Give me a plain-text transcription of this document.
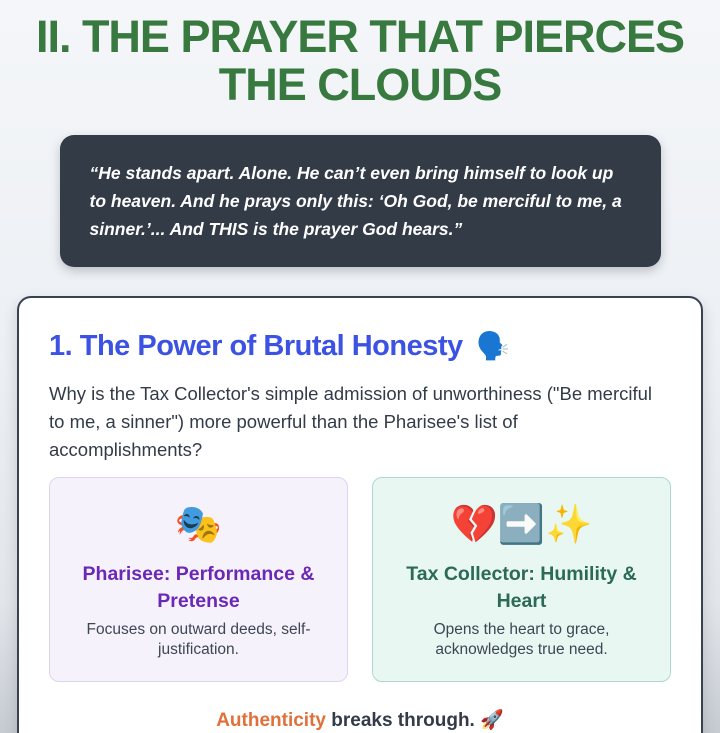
II. THE PRAYER THAT PIERCES THE CLOUDS

“He stands apart. Alone. He can’t even bring himself to look up to heaven. And he prays only this: ‘Oh God, be merciful to me, a sinner.’... And THIS is the prayer God hears.”

1. The Power of Brutal Honesty 🗣️

Why is the Tax Collector's simple admission of unworthiness ("Be merciful to me, a sinner") more powerful than the Pharisee's list of accomplishments?

🎭
Pharisee: Performance & Pretense
Focuses on outward deeds, self-justification.
💔➡️✨
Tax Collector: Humility & Heart
Opens the heart to grace, acknowledges true need.

Authenticity breaks through. 🚀
